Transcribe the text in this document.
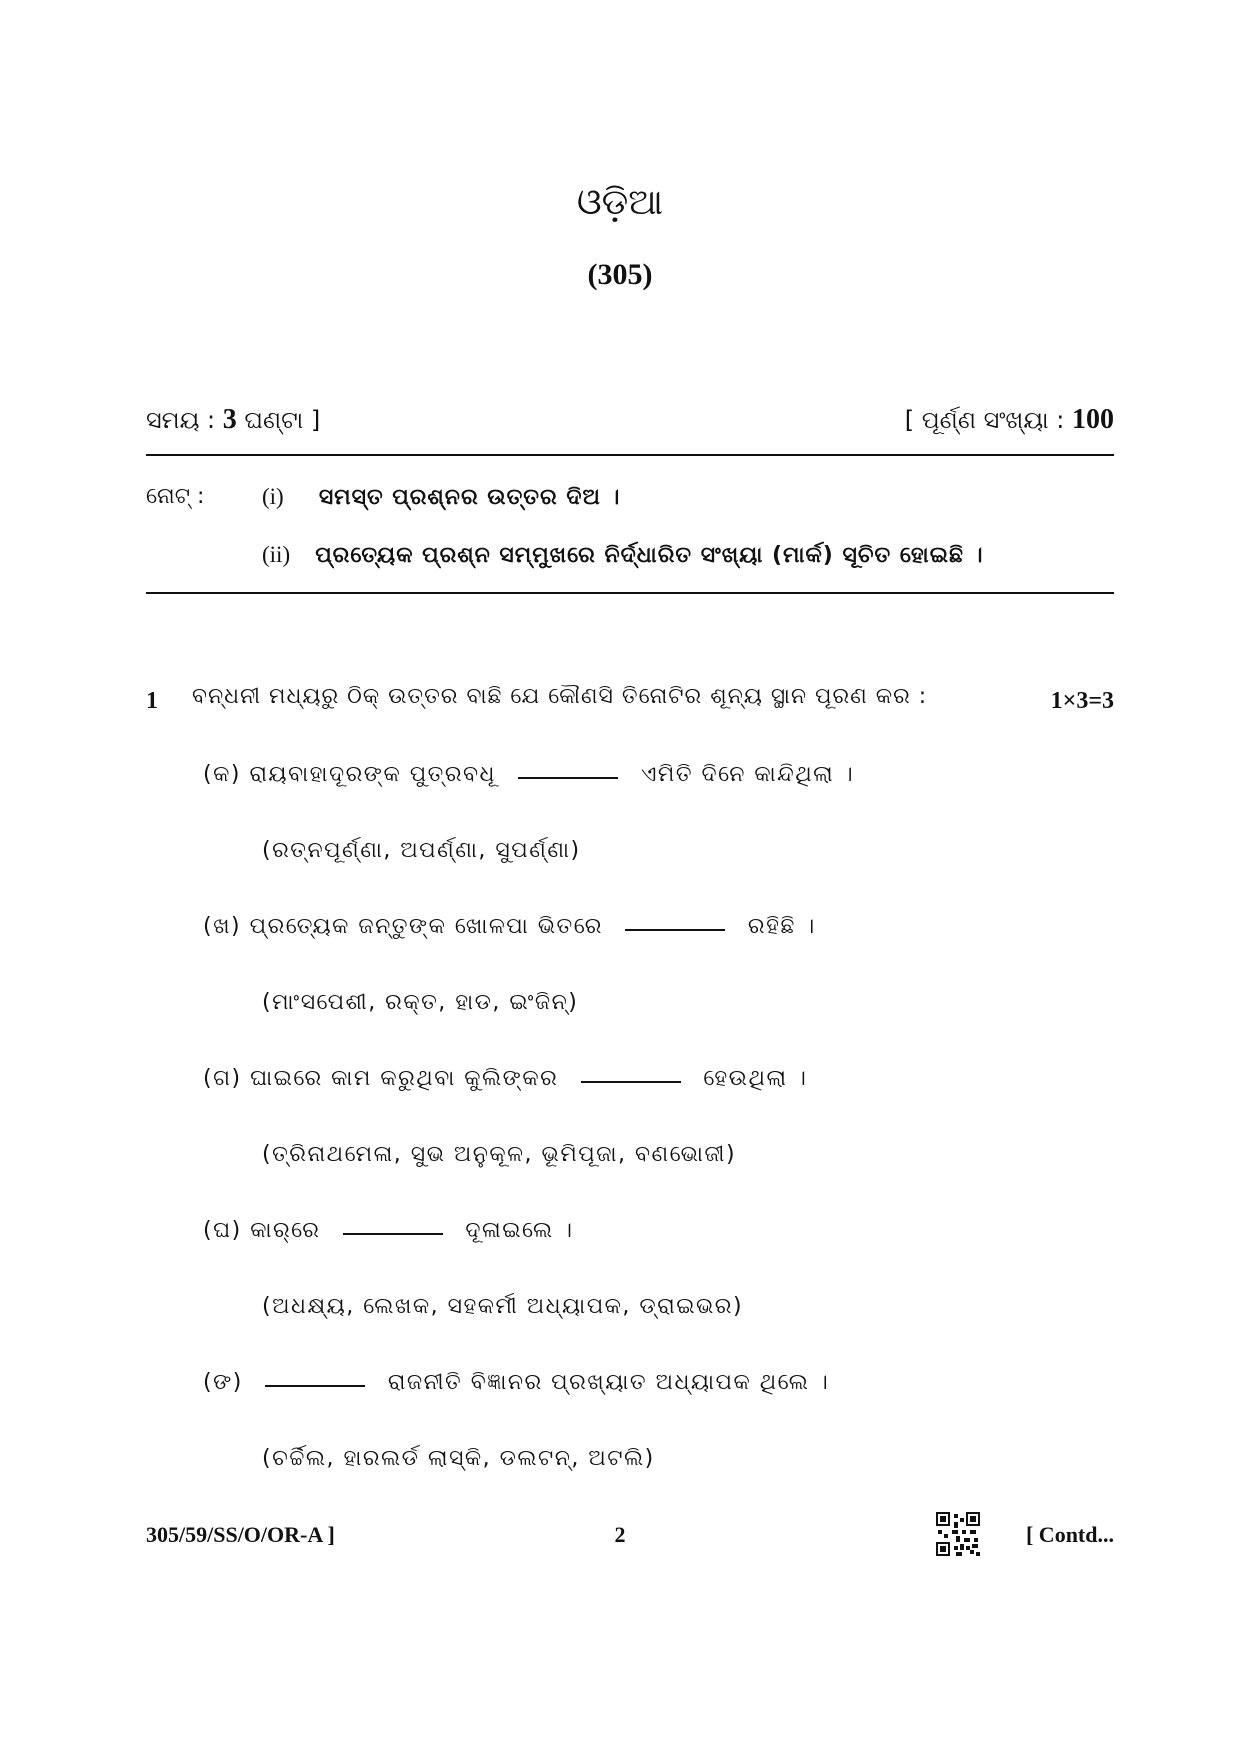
ଓଡ଼ିଆ
(305)
ସମୟ : 3 ଘଣ୍ଟା ]	[ ପୂର୍ଣ୍ଣ ସଂଖ୍ୟା : 100
ନୋଟ୍ :	(i) ସମସ୍ତ ପ୍ରଶ୍ନର ଉତ୍ତର ଦିଅ ।
(ii) ପ୍ରତ୍ୟେକ ପ୍ରଶ୍ନ ସମ୍ମୁଖରେ ନିର୍ଦ୍ଧାରିତ ସଂଖ୍ୟା (ମାର୍କ) ସୂଚିତ ହୋଇଛି ।
1 ବନ୍ଧନୀ ମଧ୍ୟରୁ ଠିକ୍ ଉତ୍ତର ବାଛି ଯେ କୌଣସି ତିନୋଟିର ଶୂନ୍ୟ ସ୍ଥାନ ପୂରଣ କର :	1×3=3
(କ) ରାୟବାହାଦୂରଙ୍କ ପୁତ୍ରବଧୂ	ଏମିତି ଦିନେ କାନ୍ଦିଥିଲା ।
(ରତ୍ନପୂର୍ଣ୍ଣା, ଅପର୍ଣ୍ଣା, ସୁପର୍ଣ୍ଣା)
(ଖ) ପ୍ରତ୍ୟେକ ଜନ୍ତୁଙ୍କ ଖୋଳପା ଭିତରେ	ରହିଛି ।
(ମାଂସପେଶୀ, ରକ୍ତ, ହାଡ, ଇଂଜିନ୍)
(ଗ) ଘାଇରେ କାମ କରୁଥିବା କୁଲିଙ୍କର	ହେଉଥିଲା ।
(ତ୍ରିନାଥମେଳା, ସୁଭ ଅନୁକୂଳ, ଭୂମିପୂଜା, ବଣଭୋଜୀ)
(ଘ) କାର୍‌ରେ	ଦୂଳାଇଲେ ।
(ଅଧକ୍ଷ୍ୟ, ଲେଖକ, ସହକର୍ମୀ ଅଧ୍ୟାପକ, ଡ୍ରାଇଭର)
(ଙ)	ରାଜନୀତି ବିଜ୍ଞାନର ପ୍ରଖ୍ୟାତ ଅଧ୍ୟାପକ ଥିଲେ ।
(ଚର୍ଚ୍ଚିଲ, ହାରଲର୍ଡ ଲାସ୍କି, ଡଲଟନ୍, ଅଟଲି)
305/59/SS/O/OR-A ]	2	[ Contd...
